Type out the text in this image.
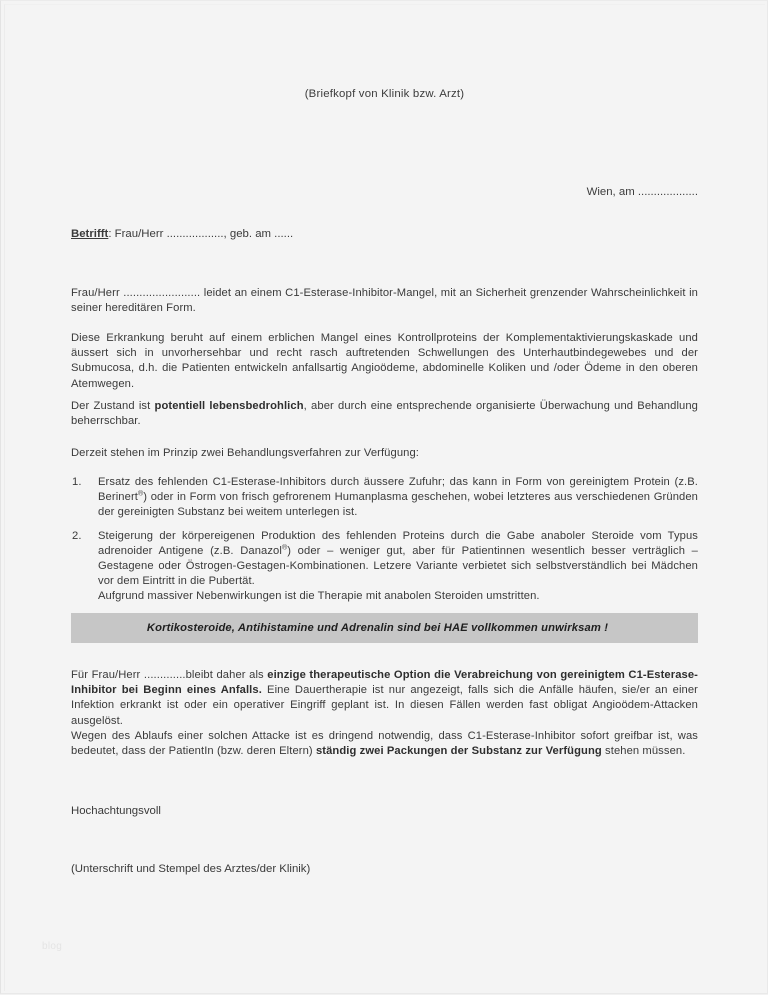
(Briefkopf von Klinik bzw. Arzt)
Wien, am ...................
Betrifft: Frau/Herr .................., geb. am ......
Frau/Herr ........................ leidet an einem C1-Esterase-Inhibitor-Mangel, mit an Sicherheit grenzender Wahrscheinlichkeit in seiner hereditären Form.
Diese Erkrankung beruht auf einem erblichen Mangel eines Kontrollproteins der Komplementaktivierungskaskade und äussert sich in unvorhersehbar und recht rasch auftretenden Schwellungen des Unterhautbindegewebes und der Submucosa, d.h. die Patienten entwickeln anfallsartig Angioödeme, abdominelle Koliken und /oder Ödeme in den oberen Atemwegen.
Der Zustand ist potentiell lebensbedrohlich, aber durch eine entsprechende organisierte Überwachung und Behandlung beherrschbar.
Derzeit stehen im Prinzip zwei Behandlungsverfahren zur Verfügung:
1.	Ersatz des fehlenden C1-Esterase-Inhibitors durch äussere Zufuhr; das kann in Form von gereinigtem Protein (z.B. Berinert®) oder in Form von frisch gefrorenem Humanplasma geschehen, wobei letzteres aus verschiedenen Gründen der gereinigten Substanz bei weitem unterlegen ist.
2.	Steigerung der körpereigenen Produktion des fehlenden Proteins durch die Gabe anaboler Steroide vom Typus adrenoider Antigene (z.B. Danazol®) oder – weniger gut, aber für Patientinnen wesentlich besser verträglich – Gestagene oder Östrogen-Gestagen-Kombinationen. Letzere Variante verbietet sich selbstverständlich bei Mädchen vor dem Eintritt in die Pubertät.
Aufgrund massiver Nebenwirkungen ist die Therapie mit anabolen Steroiden umstritten.
Kortikosteroide, Antihistamine und Adrenalin sind bei HAE vollkommen unwirksam !
Für Frau/Herr .............bleibt daher als einzige therapeutische Option die Verabreichung von gereinigtem C1-Esterase-Inhibitor bei Beginn eines Anfalls. Eine Dauertherapie ist nur angezeigt, falls sich die Anfälle häufen, sie/er an einer Infektion erkrankt ist oder ein operativer Eingriff geplant ist. In diesen Fällen werden fast obligat Angioödem-Attacken ausgelöst.
Wegen des Ablaufs einer solchen Attacke ist es dringend notwendig, dass C1-Esterase-Inhibitor sofort greifbar ist, was bedeutet, dass der PatientIn (bzw. deren Eltern) ständig zwei Packungen der Substanz zur Verfügung stehen müssen.
Hochachtungsvoll
(Unterschrift und Stempel des Arztes/der Klinik)
blog
